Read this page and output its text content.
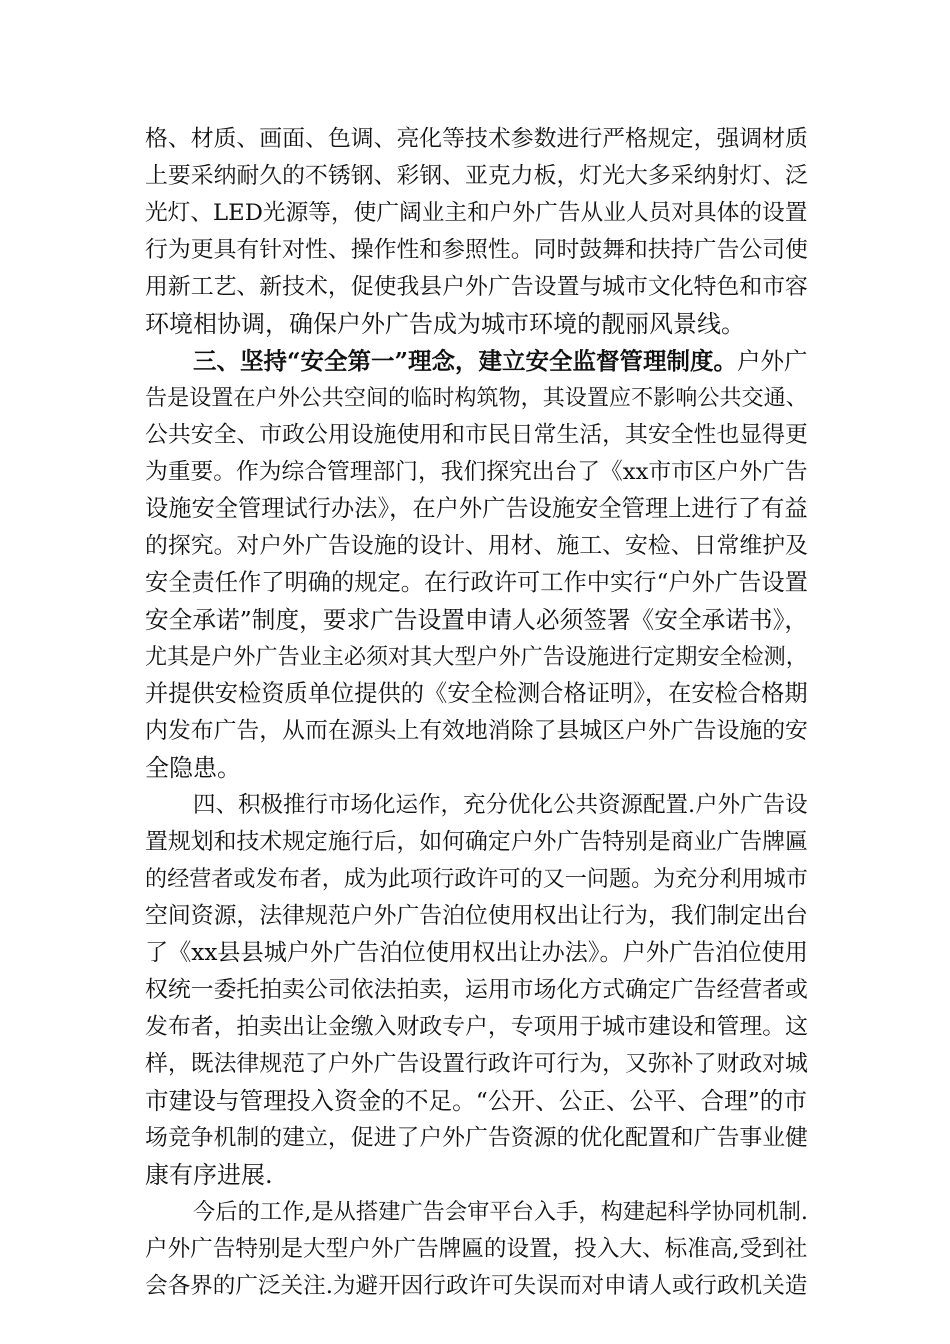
格、材质、画面、色调、亮化等技术参数进行严格规定，强调材质
上要采纳耐久的不锈钢、彩钢、亚克力板，灯光大多采纳射灯、泛
光灯、LED光源等，使广阔业主和户外广告从业人员对具体的设置
行为更具有针对性、操作性和参照性。同时鼓舞和扶持广告公司使
用新工艺、新技术，促使我县户外广告设置与城市文化特色和市容
环境相协调，确保户外广告成为城市环境的靓丽风景线。
三、坚持“安全第一”理念，建立安全监督管理制度。户外广
告是设置在户外公共空间的临时构筑物，其设置应不影响公共交通、
公共安全、市政公用设施使用和市民日常生活，其安全性也显得更
为重要。作为综合管理部门，我们探究出台了《xx市市区户外广告
设施安全管理试行办法》，在户外广告设施安全管理上进行了有益
的探究。对户外广告设施的设计、用材、施工、安检、日常维护及
安全责任作了明确的规定。在行政许可工作中实行“户外广告设置
安全承诺”制度，要求广告设置申请人必须签署《安全承诺书》，
尤其是户外广告业主必须对其大型户外广告设施进行定期安全检测，
并提供安检资质单位提供的《安全检测合格证明》，在安检合格期
内发布广告，从而在源头上有效地消除了县城区户外广告设施的安
全隐患。
四、积极推行市场化运作，充分优化公共资源配置.户外广告设
置规划和技术规定施行后，如何确定户外广告特别是商业广告牌匾
的经营者或发布者，成为此项行政许可的又一问题。为充分利用城市
空间资源，法律规范户外广告泊位使用权出让行为，我们制定出台
了《xx县县城户外广告泊位使用权出让办法》。户外广告泊位使用
权统一委托拍卖公司依法拍卖，运用市场化方式确定广告经营者或
发布者，拍卖出让金缴入财政专户，专项用于城市建设和管理。这
样，既法律规范了户外广告设置行政许可行为，又弥补了财政对城
市建设与管理投入资金的不足。“公开、公正、公平、合理”的市
场竞争机制的建立，促进了户外广告资源的优化配置和广告事业健
康有序进展.
今后的工作,是从搭建广告会审平台入手，构建起科学协同机制.
户外广告特别是大型户外广告牌匾的设置，投入大、标准高,受到社
会各界的广泛关注.为避开因行政许可失误而对申请人或行政机关造
